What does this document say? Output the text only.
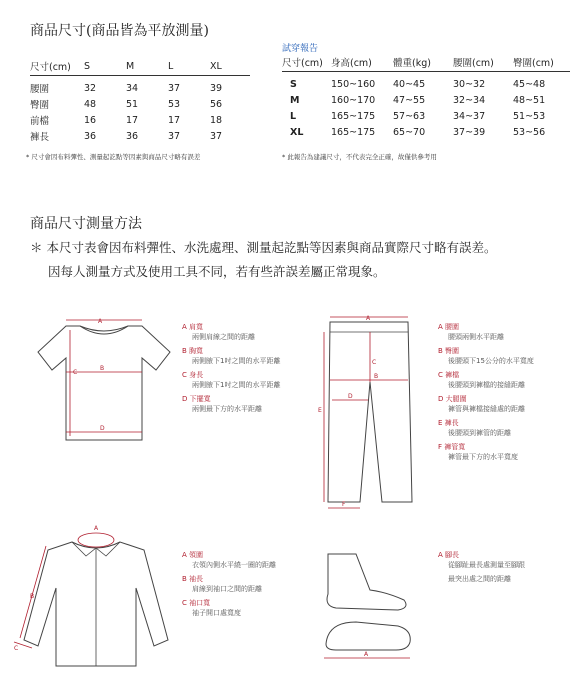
商品尺寸(商品皆為平放測量)
試穿報告
尺寸(cm)	S	M	L	XL
腰圍	32	34	37	39
臀圍	48	51	53	56
前檔	16	17	17	18
褲長	36	36	37	37
尺寸(cm)	身高(cm)	體重(kg)	腰圍(cm)	臀圍(cm)
S	150~160	40~45	30~32	45~48
M	160~170	47~55	32~34	48~51
L	165~175	57~63	34~37	51~53
XL	165~175	65~70	37~39	53~56
* 尺寸會因布料彈性、測量起訖點等因素與商品尺寸略有誤差	* 此報告為建議尺寸，不代表完全正確，故僅供參考用
商品尺寸測量方法
＊ 本尺寸表會因布料彈性、水洗處理、測量起訖點等因素與商品實際尺寸略有誤差。
因每人測量方式及使用工具不同，若有些許誤差屬正常現象。
A
B
C
D
A 肩寬
兩側肩線之間的距離
B 胸寬
兩側腋下1吋之間的水平距離
C 身長
兩側腋下1吋之間的水平距離
D 下擺寬
兩側最下方的水平距離
A
B
C
D
E
F
A 腰圍
腰頭兩側水平距離
B 臀圍
後腰頭下15公分的水平寬度
C 褲檔
後腰頭到褲檔的接縫距離
D 大腿圍
褲管與褲檔接縫處的距離
E 褲長
後腰頭到褲管的距離
F 褲管寬
褲管最下方的水平寬度
A
B
C
A 領圍
衣領內側水平繞一圈的距離
B 袖長
肩線到袖口之間的距離
C 袖口寬
袖子開口處寬度
A
A 腳長
從腳趾最長處測量至腳跟
最突出處之間的距離
